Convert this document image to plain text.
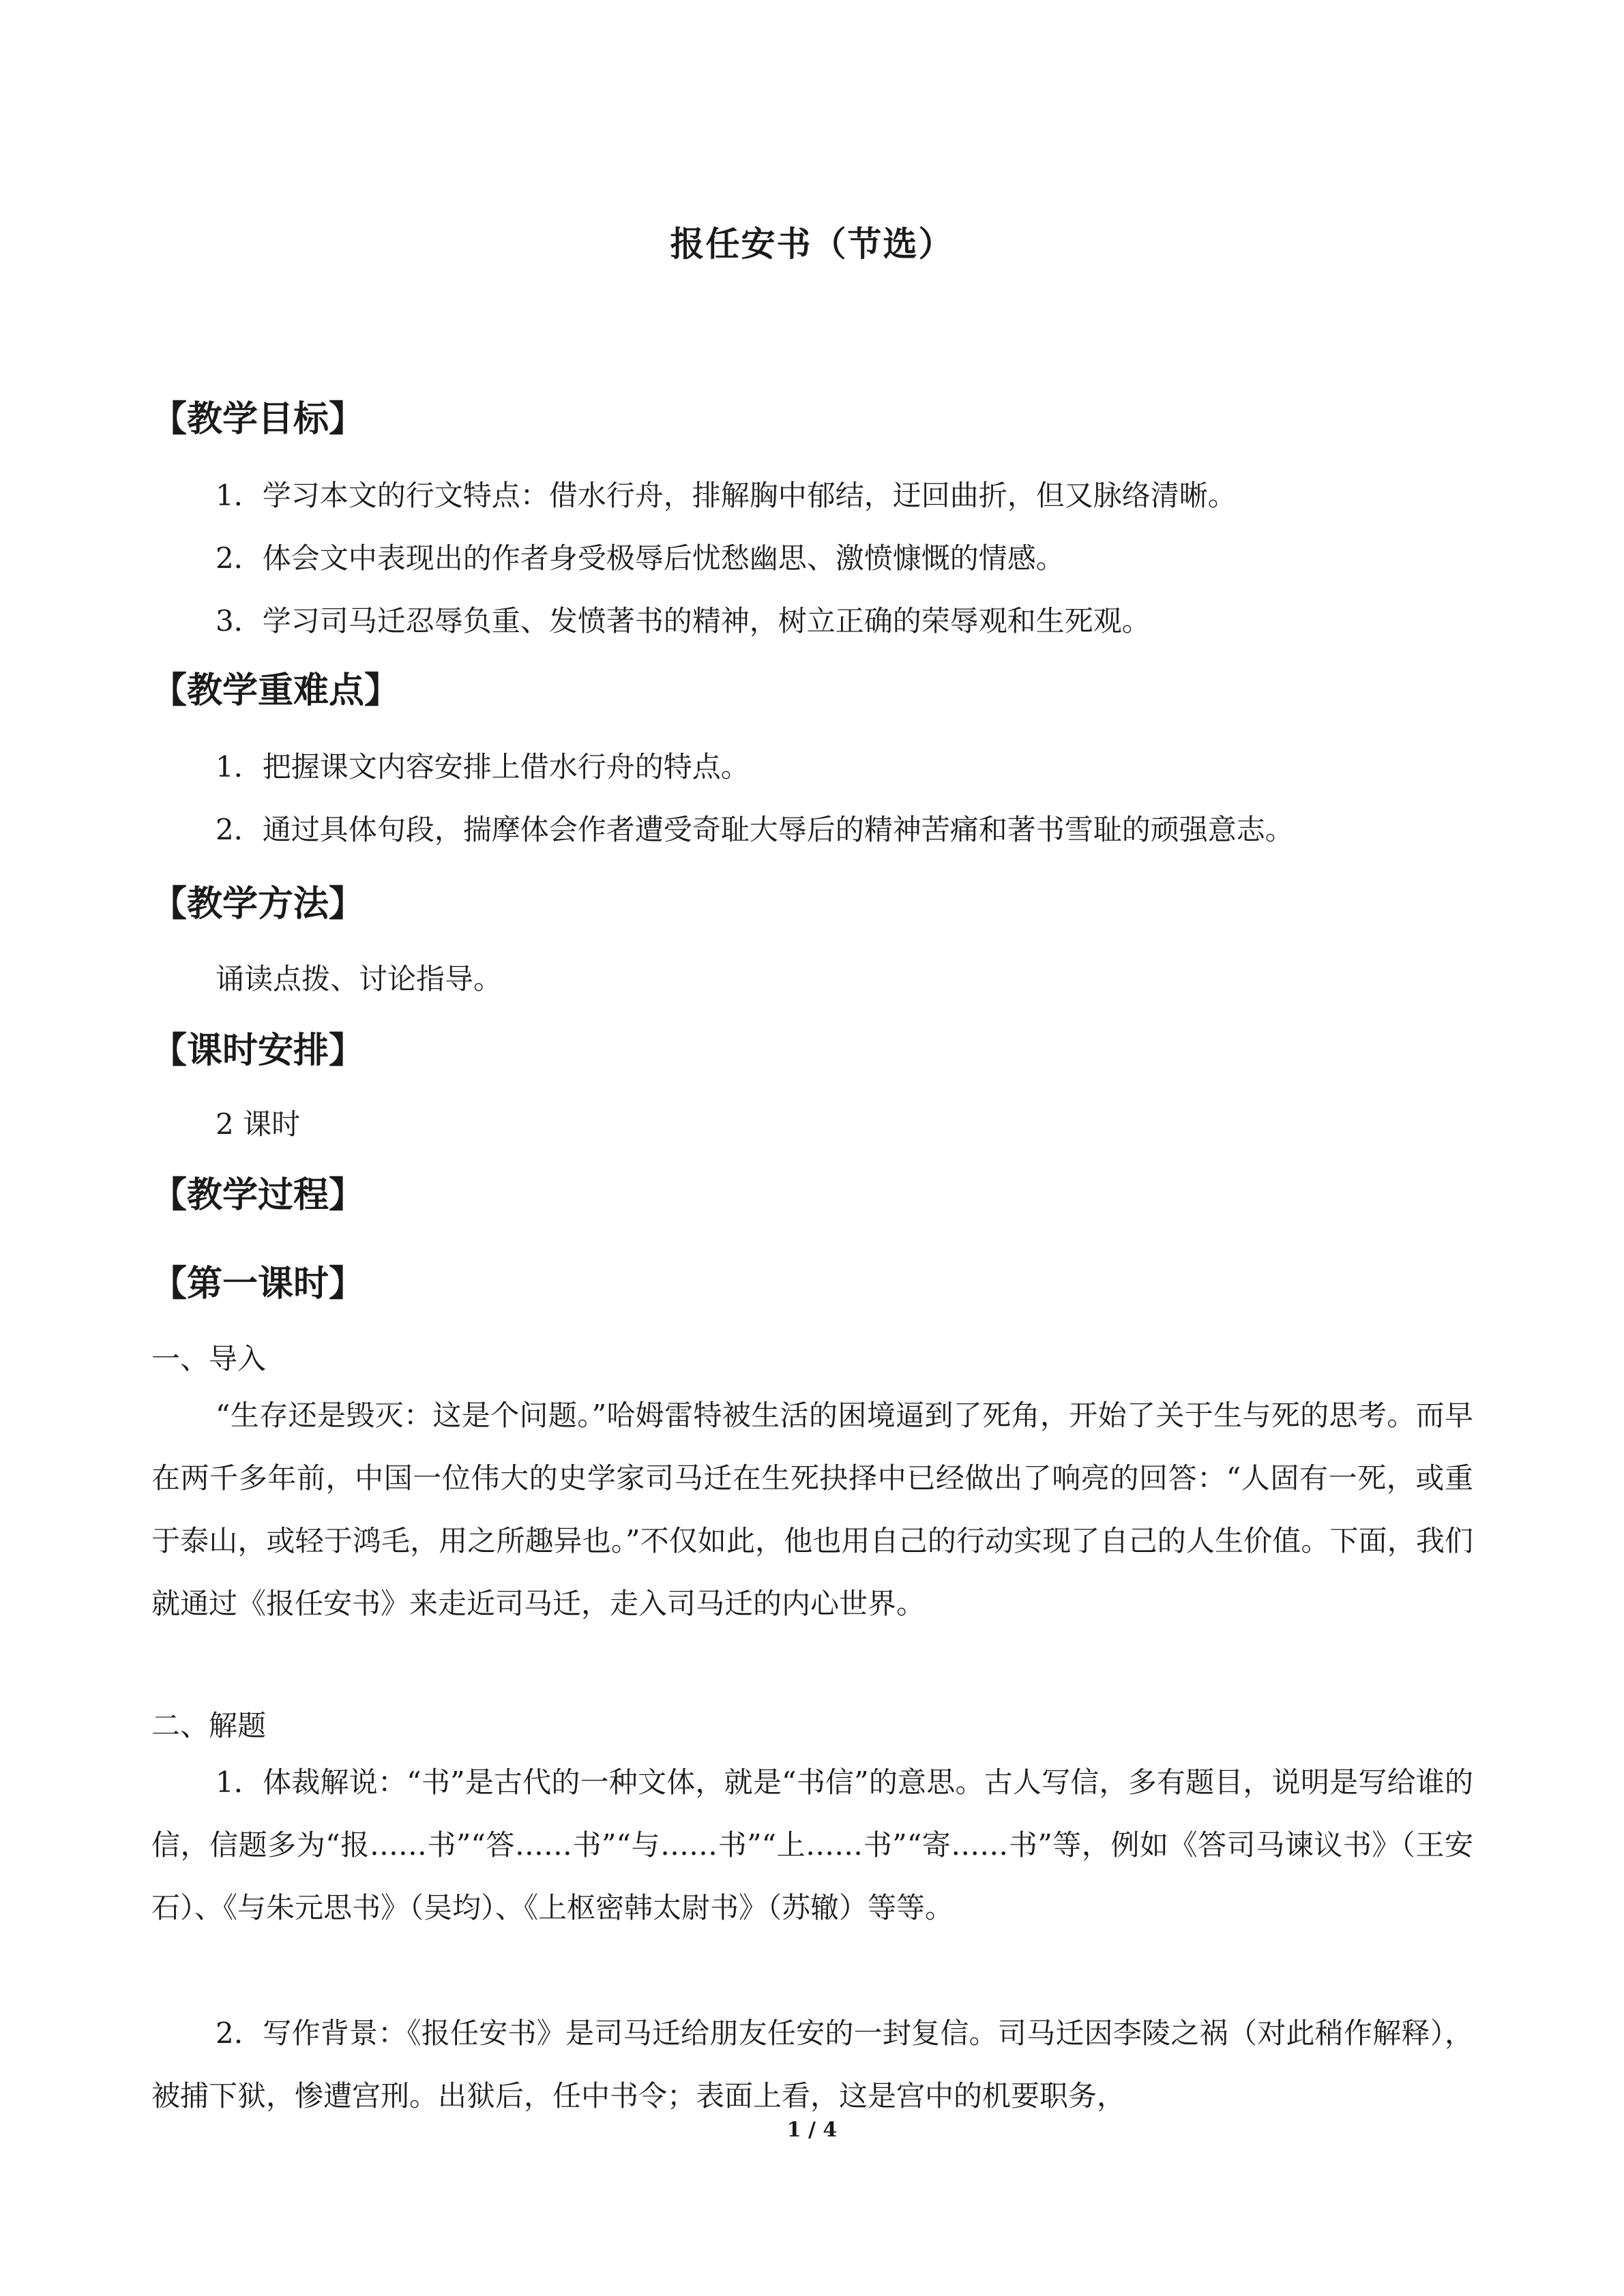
报任安书（节选）
【教学目标】
1．学习本文的行文特点：借水行舟，排解胸中郁结，迂回曲折，但又脉络清晰。
2．体会文中表现出的作者身受极辱后忧愁幽思、激愤慷慨的情感。
3．学习司马迁忍辱负重、发愤著书的精神，树立正确的荣辱观和生死观。
【教学重难点】
1．把握课文内容安排上借水行舟的特点。
2．通过具体句段，揣摩体会作者遭受奇耻大辱后的精神苦痛和著书雪耻的顽强意志。
【教学方法】
诵读点拨、讨论指导。
【课时安排】
2 课时
【教学过程】
【第一课时】
一、导入

“生存还是毁灭：这是个问题。”哈姆雷特被生活的困境逼到了死角，开始了关于生与死的思考。而早在两千多年前，中国一位伟大的史学家司马迁在生死抉择中已经做出了响亮的回答：“人固有一死，或重于泰山，或轻于鸿毛，用之所趣异也。”不仅如此，他也用自己的行动实现了自己的人生价值。下面，我们就通过《报任安书》来走近司马迁，走入司马迁的内心世界。

二、解题

1．体裁解说：“书”是古代的一种文体，就是“书信”的意思。古人写信，多有题目，说明是写给谁的信，信题多为“报……书”“答……书”“与……书”“上……书”“寄……书”等，例如《答司马谏议书》（王安石）、《与朱元思书》（吴均）、《上枢密韩太尉书》（苏辙）等等。

2．写作背景：《报任安书》是司马迁给朋友任安的一封复信。司马迁因李陵之祸（对此稍作解释），被捕下狱，惨遭宫刑。出狱后，任中书令；表面上看，这是宫中的机要职务，

1 / 4
